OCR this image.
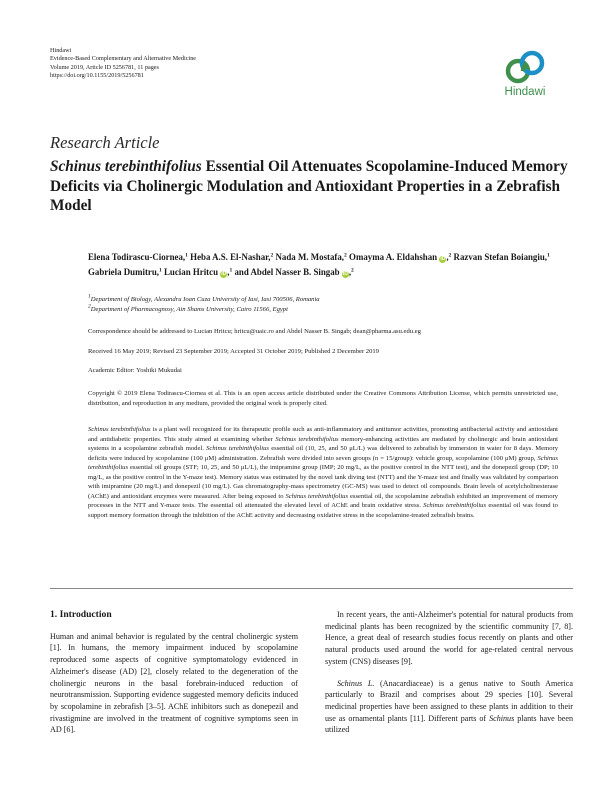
Hindawi
Evidence-Based Complementary and Alternative Medicine
Volume 2019, Article ID 5256781, 11 pages
https://doi.org/10.1155/2019/5256781
Hindawi
Research Article
Schinus terebinthifolius Essential Oil Attenuates Scopolamine-Induced Memory Deficits via Cholinergic Modulation and Antioxidant Properties in a Zebrafish Model
Elena Todirascu-Ciornea,$^1$ Heba A.S. El-Nashar,$^2$ Nada M. Mostafa,$^2$ Omayma A. Eldahshan iD,$^2$ Razvan Stefan Boiangiu,$^1$ Gabriela Dumitru,$^1$ Lucian Hritcu iD,$^1$ and Abdel Nasser B. Singab iD,$^2$
$^1$Department of Biology, Alexandru Ioan Cuza University of Iasi, Iasi 700506, Romania
$^2$Department of Pharmacognosy, Ain Shams University, Cairo 11566, Egypt
Correspondence should be addressed to Lucian Hritcu; hritcu@uaic.ro and Abdel Nasser B. Singab; dean@pharma.asu.edu.eg
Received 16 May 2019; Revised 23 September 2019; Accepted 31 October 2019; Published 2 December 2019
Academic Editor: Yoshiki Mukudai

Copyright © 2019 Elena Todirascu-Ciornea et al. This is an open access article distributed under the Creative Commons Attribution License, which permits unrestricted use, distribution, and reproduction in any medium, provided the original work is properly cited.

Schinus terebinthifolius is a plant well recognized for its therapeutic profile such as anti-inflammatory and antitumor activities, promoting antibacterial activity and antioxidant and antidiabetic properties. This study aimed at examining whether Schinus terebinthifolius memory-enhancing activities are mediated by cholinergic and brain antioxidant systems in a scopolamine zebrafish model. Schinus terebinthifolius essential oil (10, 25, and 50 μL/L) was delivered to zebrafish by immersion in water for 8 days. Memory deficits were induced by scopolamine (100 μM) administration. Zebrafish were divided into seven groups (n = 15/group): vehicle group, scopolamine (100 μM) group, Schinus terebinthifolius essential oil groups (STF; 10, 25, and 50 μL/L), the imipramine group (IMP; 20 mg/L, as the positive control in the NTT test), and the donepezil group (DP; 10 mg/L, as the positive control in the Y-maze test). Memory status was estimated by the novel tank diving test (NTT) and the Y-maze test and finally was validated by comparison with imipramine (20 mg/L) and donepezil (10 mg/L). Gas chromatography-mass spectrometry (GC-MS) was used to detect oil compounds. Brain levels of acetylcholinesterase (AChE) and antioxidant enzymes were measured. After being exposed to Schinus terebinthifolius essential oil, the scopolamine zebrafish exhibited an improvement of memory processes in the NTT and Y-maze tests. The essential oil attenuated the elevated level of AChE and brain oxidative stress. Schinus terebinthifolius essential oil was found to support memory formation through the inhibition of the AChE activity and decreasing oxidative stress in the scopolamine-treated zebrafish brains.

1. Introduction

Human and animal behavior is regulated by the central cholinergic system [1]. In humans, the memory impairment induced by scopolamine reproduced some aspects of cognitive symptomatology evidenced in Alzheimer's disease (AD) [2], closely related to the degeneration of the cholinergic neurons in the basal forebrain-induced reduction of neurotransmission. Supporting evidence suggested memory deficits induced by scopolamine in zebrafish [3–5]. AChE inhibitors such as donepezil and rivastigmine are involved in the treatment of cognitive symptoms seen in AD [6].

In recent years, the anti-Alzheimer's potential for natural products from medicinal plants has been recognized by the scientific community [7, 8]. Hence, a great deal of research studies focus recently on plants and other natural products used around the world for age-related central nervous system (CNS) diseases [9].

Schinus L. (Anacardiaceae) is a genus native to South America particularly to Brazil and comprises about 29 species [10]. Several medicinal properties have been assigned to these plants in addition to their use as ornamental plants [11]. Different parts of Schinus plants have been utilized
